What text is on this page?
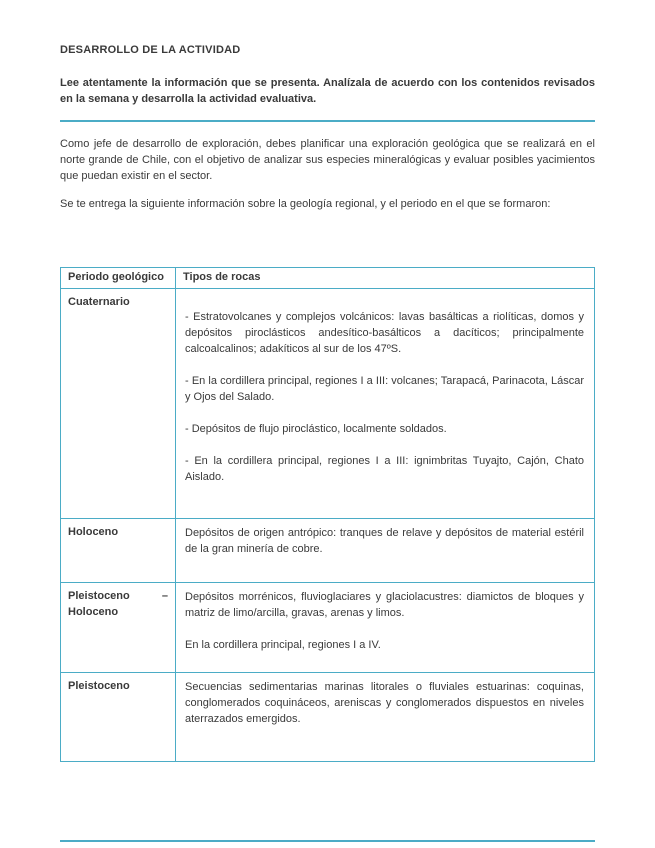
DESARROLLO DE LA ACTIVIDAD

Lee atentamente la información que se presenta. Analízala de acuerdo con los contenidos revisados en la semana y desarrolla la actividad evaluativa.

Como jefe de desarrollo de exploración, debes planificar una exploración geológica que se realizará en el norte grande de Chile, con el objetivo de analizar sus especies mineralógicas y evaluar posibles yacimientos que puedan existir en el sector.

Se te entrega la siguiente información sobre la geología regional, y el periodo en el que se formaron:

Periodo geológico	Tipos de rocas
Cuaternario	- Estratovolcanes y complejos volcánicos: lavas basálticas a riolíticas, domos y depósitos piroclásticos andesítico-basálticos a dacíticos; principalmente calcoalcalinos; adakíticos al sur de los 47ºS.

- En la cordillera principal, regiones I a III: volcanes; Tarapacá, Parinacota, Láscar y Ojos del Salado.

- Depósitos de flujo piroclástico, localmente soldados.

- En la cordillera principal, regiones I a III: ignimbritas Tuyajto, Cajón, Chato Aislado.

Holoceno	Depósitos de origen antrópico: tranques de relave y depósitos de material estéril de la gran minería de cobre.

Pleistoceno – Holoceno	Depósitos morrénicos, fluvioglaciares y glaciolacustres: diamictos de bloques y matriz de limo/arcilla, gravas, arenas y limos.

En la cordillera principal, regiones I a IV.

Pleistoceno	Secuencias sedimentarias marinas litorales o fluviales estuarinas: coquinas, conglomerados coquináceos, areniscas y conglomerados dispuestos en niveles aterrazados emergidos.
